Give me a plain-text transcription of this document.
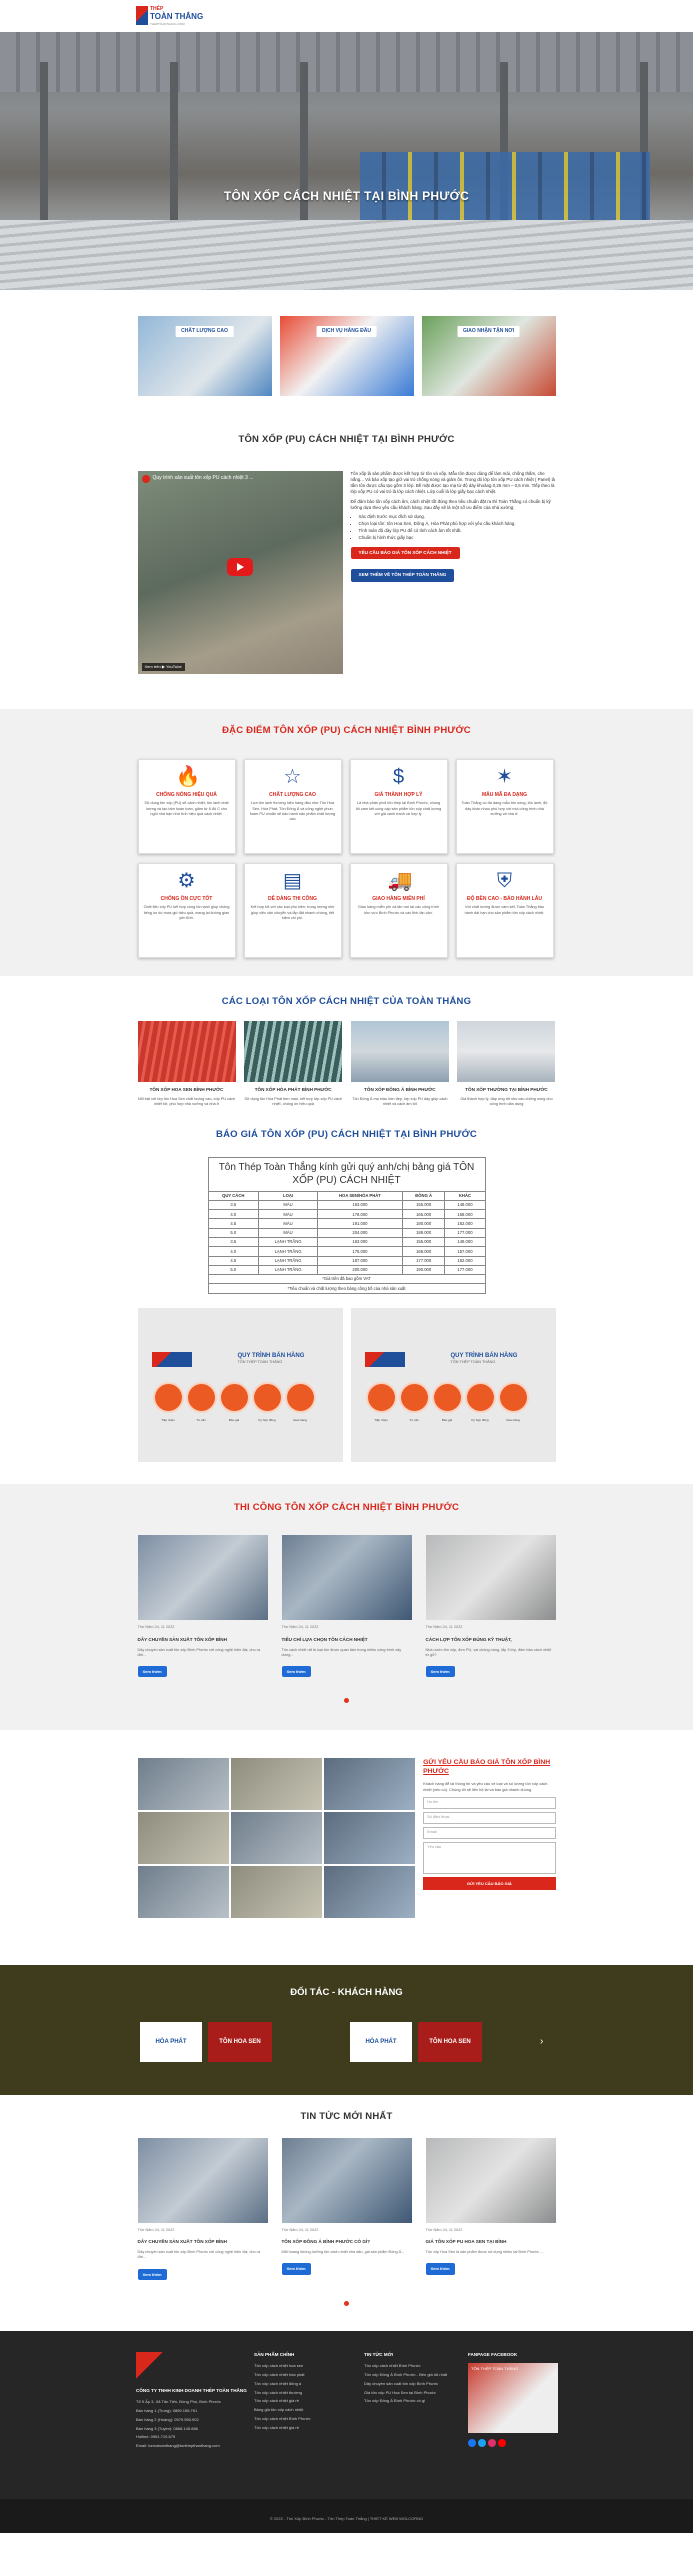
THÉP
TOÀN THẮNG
THEPTOANTHANG.COM
TÔN XỐP CÁCH NHIỆT TẠI BÌNH PHƯỚC
CHẤT LƯỢNG CAO	DỊCH VỤ HÀNG ĐẦU	GIAO NHẬN TẬN NƠI
TÔN XỐP (PU) CÁCH NHIỆT TẠI BÌNH PHƯỚC
Quy trình sản xuất tôn xốp PU cách nhiệt 3 ...
Xem trên ▶ YouTube

Tôn xốp là sản phẩm được kết hợp từ tôn và xốp. Mẫu tôn được dùng để làm mái, chống thấm, che nắng... Và bảo xốp tạo giữ vai trò chống nóng và giảm ồn. Trong đó lớp tôn xốp PU cách nhiệt ( Panel) là tấm tôn được cấu tạo gồm 3 lớp. Bề mặt được tạo mạ từ độ dày khoảng 0,25 mm – 0,5 mm. Tiếp theo là lớp xốp PU có vai trò là lớp cách nhiệt. Lớp cuối là lớp giấy bạc cách nhiệt.

Để đảm bảo tôn xốp cách âm, cách nhiệt tốt đúng theo tiêu chuẩn đặt ra thì Toàn Thắng có chuẩn bị kỹ lưỡng dựa theo yêu cầu khách hàng. Sau đây sẽ là một số ưu điểm của nhà xưởng:

• Xác định trước mục đích sử dụng.
• Chọn loại tôn: tôn Hoa Sen, Đông Á, Hòa Phát phù hợp với yêu cầu khách hàng.
• Tính toán độ dày lớp PU để có tính cách âm tốt nhất.
• Chuẩn bị hình thức giấy bạc
YÊU CẦU BÁO GIÁ TÔN XỐP CÁCH NHIỆT
XEM THÊM VỀ TÔN THÉP TOÀN THẮNG
ĐẶC ĐIỂM TÔN XỐP (PU) CÁCH NHIỆT BÌNH PHƯỚC
🔥
CHỐNG NÓNG HIỆU QUẢ
Sử dụng tôn xốp (PU) sẽ cách nhiệt, tôn lạnh chất lượng và tạo tấm hoàn toàn, giảm từ 6 độ C cho ngôi nhà bạn nhờ tính hiệu quả cách nhiệt.
☆
CHẤT LƯỢNG CAO
Lựa tôn lạnh thương hiệu hàng đầu như Tôn Hoa Sen, Hòa Phát, Tôn Đông Á và công nghệ phun foam PU chuẩn sẽ bảo hành sản phẩm chất lượng cao
$
GIÁ THÀNH HỢP LÝ
Là nhà phân phối tôn thép tại Bình Phước, chúng tôi cam kết cung cấp sản phẩm tôn xốp chất lượng với giá cạnh tranh và hợp lý.
✶
MẪU MÃ ĐA DẠNG
Toàn Thắng có đa dạng mẫu tôn sóng, tôn lạnh, độ dày khác nhau phù hợp với mọi công trình nhà xưởng và nhà ở.
⚙
CHỐNG ỒN CỰC TỐT
Chất liệu xốp PU kết hợp cùng tôn lạnh giúp chống tiếng ồn do mưa gió hiệu quả, mang lại không gian yên tĩnh.
▤
DỄ DÀNG THI CÔNG
Kết hợp tốt với các loại phụ kiện; trọng lượng nhẹ giúp việc vận chuyển và lắp đặt nhanh chóng, tiết kiệm chi phí.
🚚
GIAO HÀNG MIỄN PHÍ
Giao hàng miễn phí và tận nơi tại các công trình khu vực Bình Phước và các tỉnh lân cận.
⛨
ĐỘ BỀN CAO - BẢO HÀNH LÂU
Với chất lượng được cam kết, Toàn Thắng bảo hành dài hạn cho sản phẩm tôn xốp cách nhiệt.
CÁC LOẠI TÔN XỐP CÁCH NHIỆT CỦA TOÀN THẮNG
TÔN XỐP HOA SEN BÌNH PHƯỚC
Nổi bật với lớp tôn Hoa Sen chất lượng cao, xốp PU cách nhiệt tốt, phù hợp nhà xưởng và nhà ở
TÔN XỐP HÒA PHÁT BÌNH PHƯỚC
Sử dụng tôn Hòa Phát bền màu, kết hợp lớp xốp PU cách nhiệt, chống ồn hiệu quả
TÔN XỐP ĐÔNG Á BÌNH PHƯỚC
Tôn Đông Á mạ màu bền đẹp, lớp xốp PU dày giúp cách nhiệt và cách âm tốt
TÔN XỐP THƯỜNG TẠI BÌNH PHƯỚC
Giá thành hợp lý, đáp ứng tốt nhu cầu chống nóng cho công trình dân dụng
BÁO GIÁ TÔN XỐP (PU) CÁCH NHIỆT TẠI BÌNH PHƯỚC
Tôn Thép Toàn Thắng kính gửi quý anh/chị bảng giá TÔN XỐP (PU) CÁCH NHIỆT				
QUY CÁCH	LOẠI	HOA SEN/HÒA PHÁT	ĐÔNG Á	KHÁC
3.5	MÀU	163.000	155.000	148.000
4.0	MÀU	178.000	165.000	158.000
4.5	MÀU	191.000	180.000	162.000
5.0	MÀU	204.000	189.000	177.000
3.5	LẠNH TRẮNG	163.000	155.000	148.000
4.0	LẠNH TRẮNG	175.000	169.000	157.000
4.5	LẠNH TRẮNG	187.000	177.000	162.000
5.0	LẠNH TRẮNG	200.000	190.000	177.000
*Giá trên đã bao gồm VAT				
*Tiêu chuẩn và chất lượng theo bảng công bố của nhà sản xuất				
QUY TRÌNH BÁN HÀNG
TÔN THÉP TOÀN THẮNG
Tiếp nhận	Tư vấn	Báo giá	Ký hợp đồng	Giao hàng
QUY TRÌNH BÁN HÀNG
TÔN THÉP TOÀN THẮNG
Tiếp nhận	Tư vấn	Báo giá	Ký hợp đồng	Giao hàng
THI CÔNG TÔN XỐP CÁCH NHIỆT BÌNH PHƯỚC
Thứ Năm 24, 11 2022
DÂY CHUYỀN SẢN XUẤT TÔN XỐP BÌNH
Dây chuyền sản xuất tôn xốp Bình Phước với công nghệ hiện đại, cho ra đời...
Xem thêm
Thứ Năm 24, 11 2022
TIÊU CHÍ LỰA CHỌN TÔN CÁCH NHIỆT
Tôn cách nhiệt rất là loại tôn được quan tâm trong nhiều công trình xây dựng...
Xem thêm
Thứ Năm 24, 11 2022
CÁCH LỢP TÔN XỐP ĐÚNG KỸ THUẬT,
Nhà nước tôn xốp, đơn PU, vai chống nóng, lắp 3 lớp, đảm bảo cách nhiệt từ gỗ?
Xem thêm
GỬI YÊU CẦU BÁO GIÁ TÔN XỐP BÌNH PHƯỚC

Khách hàng để lại thông tin và yêu cầu về loại và số lượng tôn xốp cách nhiệt (nếu có). Chúng tôi sẽ liên hệ lại và báo giá nhanh chóng.

Họ tên
Số điện thoại
Email
Yêu cầu
GỬI YÊU CẦU BÁO GIÁ
ĐỐI TÁC - KHÁCH HÀNG
HÒA PHÁT	TÔN HOA SEN	HÒA PHÁT	TÔN HOA SEN	›
TIN TỨC MỚI NHẤT
Thứ Năm 24, 11 2022
DÂY CHUYỀN SẢN XUẤT TÔN XỐP BÌNH
Dây chuyền sản xuất tôn xốp Bình Phước với công nghệ hiện đại, cho ra đời...
Xem thêm
Thứ Năm 24, 11 2022
TÔN XỐP ĐÔNG Á BÌNH PHƯỚC CÓ GÌ?
Mãi hoang không dưỡng tôn cách nhiệt nhà dân, giá sản phẩm Đông Á...
Xem thêm
Thứ Năm 24, 11 2022
GIÁ TÔN XỐP PU HOA SEN TẠI BÌNH
Tôn xốp Hoa Sen là sản phẩm được sử dụng nhiều tại Bình Phước ...
Xem thêm
CÔNG TY TNHH KINH DOANH THÉP TOÀN THẮNG
Tổ 9 Ấp 3, Xã Tân Tiến, Đồng Phú, Bình Phước
Bán hàng 1 (Trung): 0869.156.761
Bán hàng 2 (Hoàng): 0979.950.902
Bán hàng 3 (Tuyền): 0868.145.666
Hotline: 0961.710.679
Email: tonxotoanthang@tonthepthanthang.com
SẢN PHẨM CHÍNH
Tôn xốp cách nhiệt hoa sen
Tôn xốp cách nhiệt hòa phát
Tôn xốp cách nhiệt đông á
Tôn xốp cách nhiệt thường
Tôn xốp cách nhiệt giá rẻ
Bảng giá tôn xốp cách nhiệt
Tôn xốp cách nhiệt Bình Phước
Tôn xốp cách nhiệt giá rẻ
TIN TỨC MỚI
Tôn xốp cách nhiệt Bình Phước
Tôn xốp Đông Á Bình Phước - Bền giá tốt nhất
Dây chuyền sản xuất tôn xốp Bình Phước
Giá tôn xốp PU Hoa Sen tại Bình Phước
Tôn xốp Đông Á Bình Phước có gì
FANPAGE FACEBOOK
TÔN THÉP TOÀN THẮNG
© 2022 - Tôn Xốp Bình Phước - Tôn Thép Toàn Thắng | THIẾT KẾ WEB WOLCORNG
